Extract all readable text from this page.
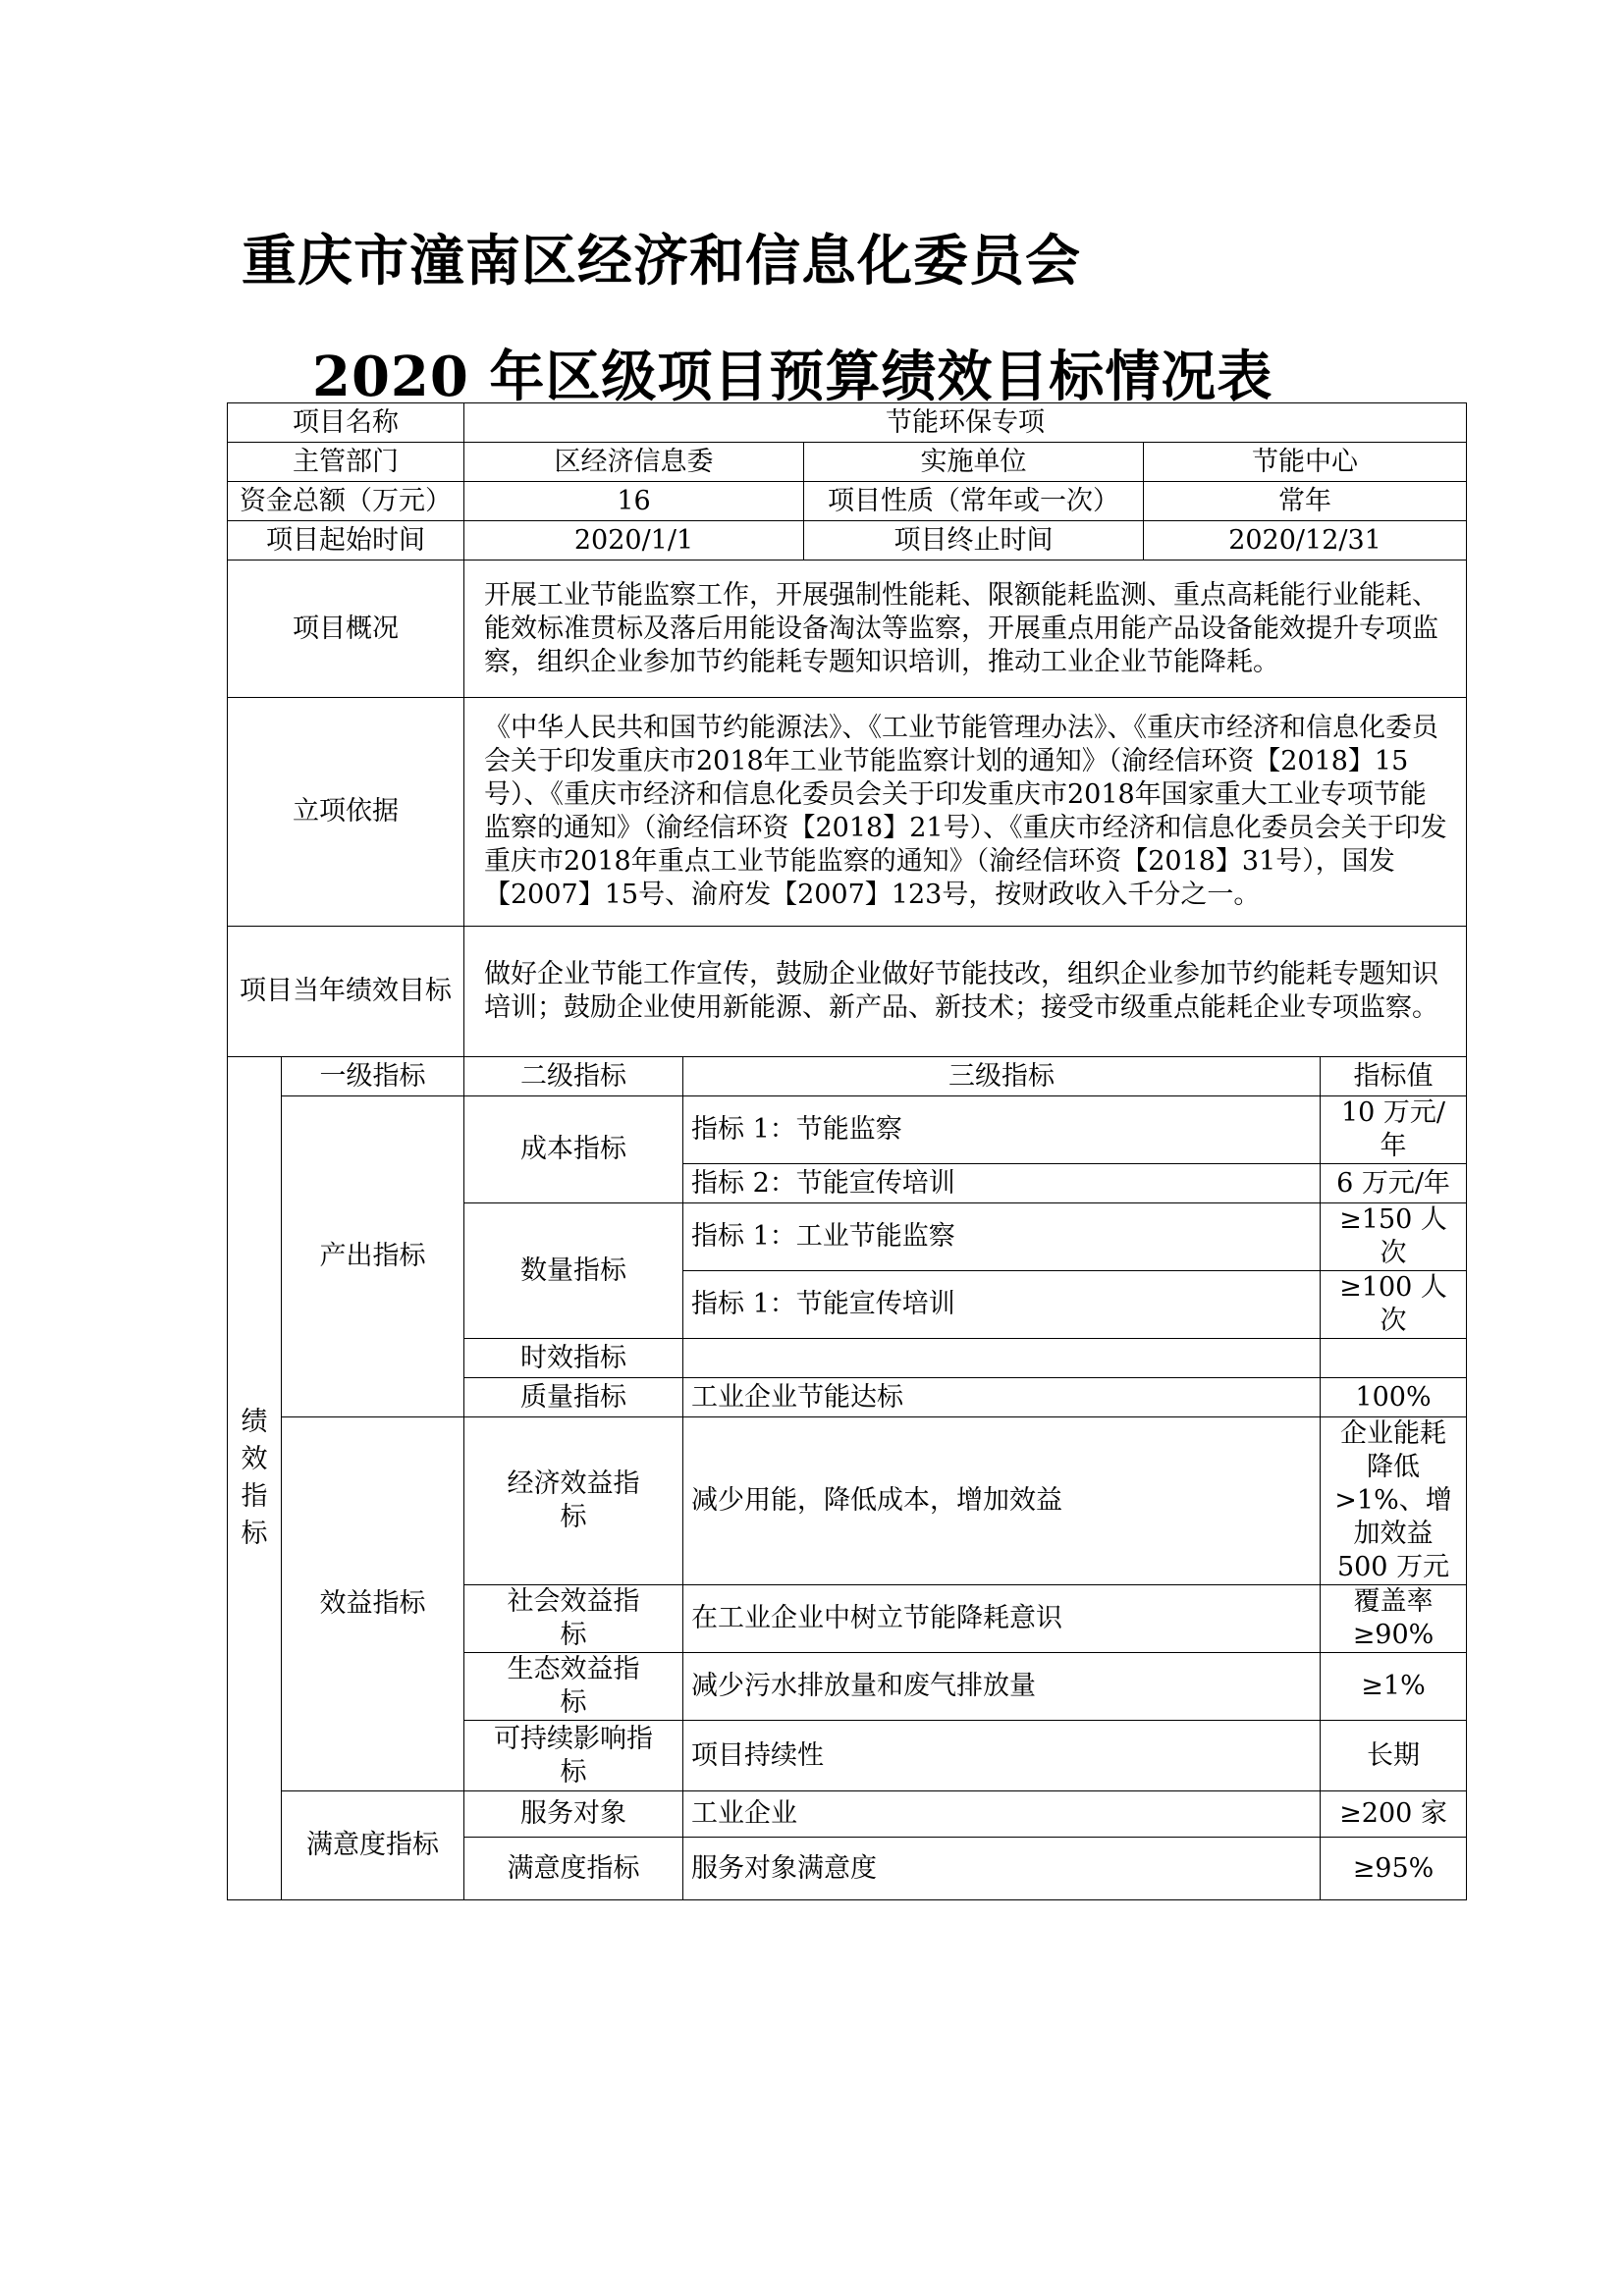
重庆市潼南区经济和信息化委员会
2020 年区级项目预算绩效目标情况表
项目名称		节能环保专项				
主管部门		区经济信息委		实施单位	节能中心	
资金总额（万元）		16		项目性质（常年或一次）	常年	
项目起始时间		2020/1/1		项目终止时间	2020/12/31	
项目概况		开展工业节能监察工作，开展强制性能耗、限额能耗监测、重点高耗能行业能耗、能效标准贯标及落后用能设备淘汰等监察，开展重点用能产品设备能效提升专项监察，组织企业参加节约能耗专题知识培训，推动工业企业节能降耗。				
立项依据		《中华人民共和国节约能源法》、《工业节能管理办法》、《重庆市经济和信息化委员会关于印发重庆市2018年工业节能监察计划的通知》（渝经信环资【2018】15号）、《重庆市经济和信息化委员会关于印发重庆市2018年国家重大工业专项节能监察的通知》（渝经信环资【2018】21号）、《重庆市经济和信息化委员会关于印发重庆市2018年重点工业节能监察的通知》（渝经信环资【2018】31号），国发【2007】15号、渝府发【2007】123号，按财政收入千分之一。				
项目当年绩效目标		做好企业节能工作宣传，鼓励企业做好节能技改，组织企业参加节约能耗专题知识培训；鼓励企业使用新能源、新产品、新技术；接受市级重点能耗企业专项监察。				

绩效指标	一级指标	二级指标	三级指标			指标值
	产出指标	成本指标	指标 1：节能监察			10 万元/年
			指标 2：节能宣传培训			6 万元/年
		数量指标	指标 1：工业节能监察			≥150 人次
			指标 1：节能宣传培训			≥100 人次
		时效指标				
		质量指标	工业企业节能达标			100%
	效益指标	经济效益指标	减少用能，降低成本，增加效益			企业能耗降低>1%、增加效益 500 万元
		社会效益指标	在工业企业中树立节能降耗意识			覆盖率≥90%
		生态效益指标	减少污水排放量和废气排放量			≥1%
		可持续影响指标	项目持续性			长期
	满意度指标	服务对象	工业企业			≥200 家
		满意度指标	服务对象满意度			≥95%
